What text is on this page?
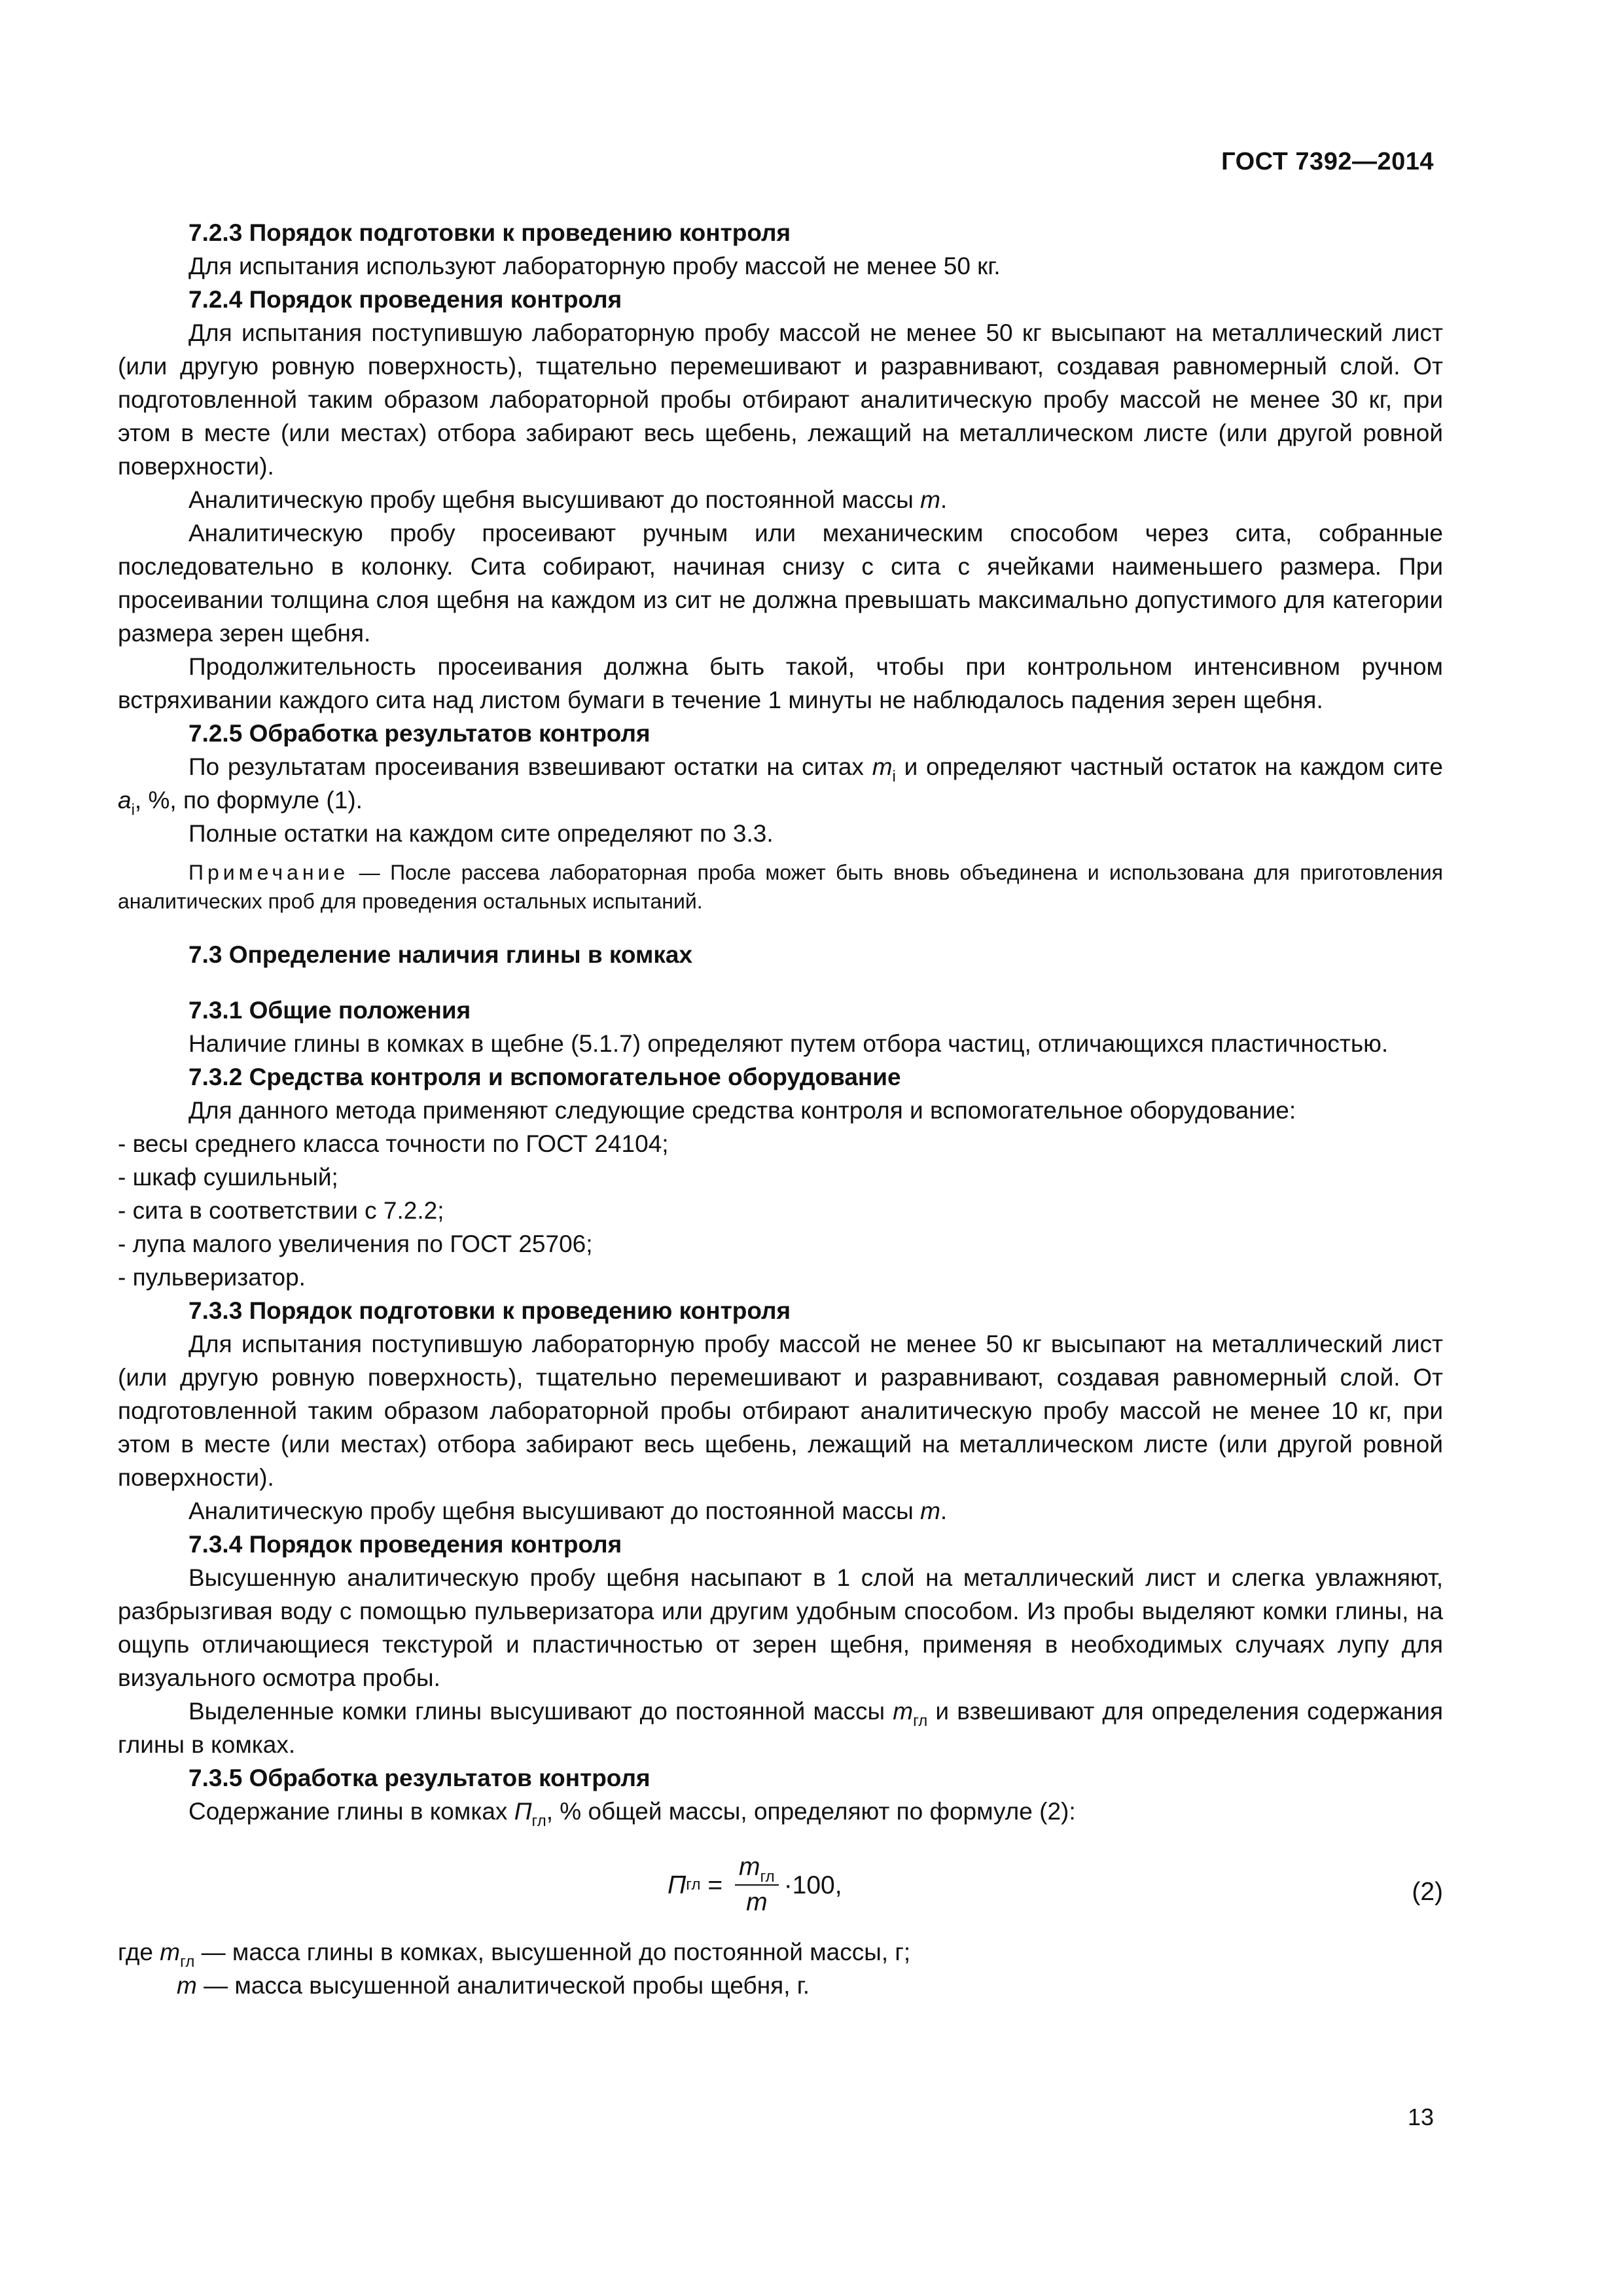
ГОСТ 7392—2014

7.2.3 Порядок подготовки к проведению контроля

Для испытания используют лабораторную пробу массой не менее 50 кг.

7.2.4 Порядок проведения контроля

Для испытания поступившую лабораторную пробу массой не менее 50 кг высыпают на металлический лист (или другую ровную поверхность), тщательно перемешивают и разравнивают, создавая равномерный слой. От подготовленной таким образом лабораторной пробы отбирают аналитическую пробу массой не менее 30 кг, при этом в месте (или местах) отбора забирают весь щебень, лежащий на металлическом листе (или другой ровной поверхности).

Аналитическую пробу щебня высушивают до постоянной массы m.

Аналитическую пробу просеивают ручным или механическим способом через сита, собранные последовательно в колонку. Сита собирают, начиная снизу с сита с ячейками наименьшего размера. При просеивании толщина слоя щебня на каждом из сит не должна превышать максимально допустимого для категории размера зерен щебня.

Продолжительность просеивания должна быть такой, чтобы при контрольном интенсивном ручном встряхивании каждого сита над листом бумаги в течение 1 минуты не наблюдалось падения зерен щебня.

7.2.5 Обработка результатов контроля

По результатам просеивания взвешивают остатки на ситах $m_i$ и определяют частный остаток на каждом сите $a_i$, %, по формуле (1).

Полные остатки на каждом сите определяют по 3.3.

Примечание — После рассева лабораторная проба может быть вновь объединена и использована для приготовления аналитических проб для проведения остальных испытаний.

7.3 Определение наличия глины в комках

7.3.1 Общие положения

Наличие глины в комках в щебне (5.1.7) определяют путем отбора частиц, отличающихся пластичностью.

7.3.2 Средства контроля и вспомогательное оборудование

Для данного метода применяют следующие средства контроля и вспомогательное оборудование:

- весы среднего класса точности по ГОСТ 24104;

- шкаф сушильный;

- сита в соответствии с 7.2.2;

- лупа малого увеличения по ГОСТ 25706;

- пульверизатор.

7.3.3 Порядок подготовки к проведению контроля

Для испытания поступившую лабораторную пробу массой не менее 50 кг высыпают на металлический лист (или другую ровную поверхность), тщательно перемешивают и разравнивают, создавая равномерный слой. От подготовленной таким образом лабораторной пробы отбирают аналитическую пробу массой не менее 10 кг, при этом в месте (или местах) отбора забирают весь щебень, лежащий на металлическом листе (или другой ровной поверхности).

Аналитическую пробу щебня высушивают до постоянной массы m.

7.3.4 Порядок проведения контроля

Высушенную аналитическую пробу щебня насыпают в 1 слой на металлический лист и слегка увлажняют, разбрызгивая воду с помощью пульверизатора или другим удобным способом. Из пробы выделяют комки глины, на ощупь отличающиеся текстурой и пластичностью от зерен щебня, применяя в необходимых случаях лупу для визуального осмотра пробы.

Выделенные комки глины высушивают до постоянной массы $m_{гл}$ и взвешивают для определения содержания глины в комках.

7.3.5 Обработка результатов контроля

Содержание глины в комках $П_{гл}$, % общей массы, определяют по формуле (2):

П гл = $\frac{m_{гл}}{m} \cdot 100$,	(2)

где $m_{гл}$ — масса глины в комках, высушенной до постоянной массы, г;

m — масса высушенной аналитической пробы щебня, г.

13
